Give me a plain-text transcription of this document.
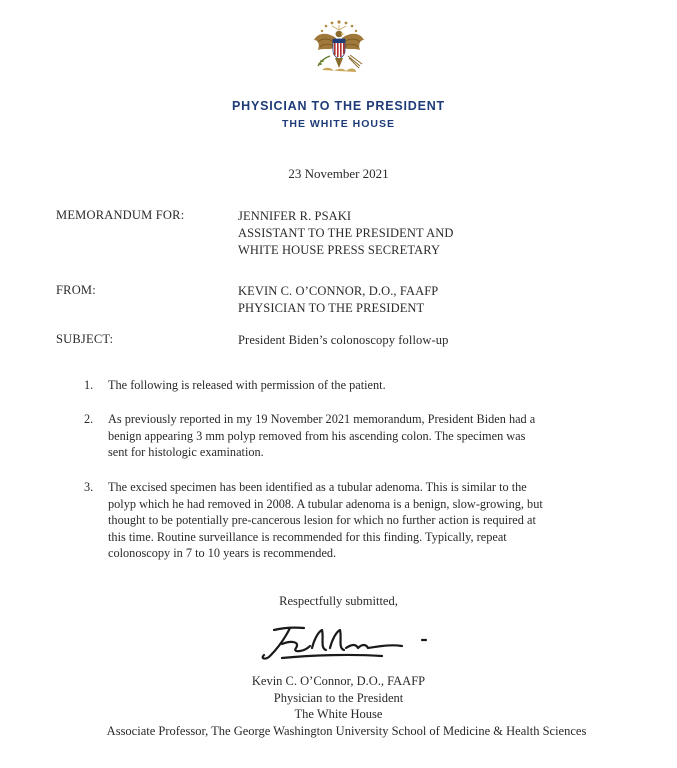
PHYSICIAN TO THE PRESIDENT
THE WHITE HOUSE
23 November 2021
MEMORANDUM FOR:	JENNIFER R. PSAKI
ASSISTANT TO THE PRESIDENT AND
WHITE HOUSE PRESS SECRETARY
FROM:	KEVIN C. O’CONNOR, D.O., FAAFP
PHYSICIAN TO THE PRESIDENT
SUBJECT:	President Biden’s colonoscopy follow-up
1.	The following is released with permission of the patient.
2.	As previously reported in my 19 November 2021 memorandum, President Biden had a
benign appearing 3 mm polyp removed from his ascending colon. The specimen was
sent for histologic examination.
3.	The excised specimen has been identified as a tubular adenoma. This is similar to the
polyp which he had removed in 2008. A tubular adenoma is a benign, slow-growing, but
thought to be potentially pre-cancerous lesion for which no further action is required at
this time. Routine surveillance is recommended for this finding. Typically, repeat
colonoscopy in 7 to 10 years is recommended.
Respectfully submitted,
Kevin C. O’Connor, D.O., FAAFP
Physician to the President
The White House
Associate Professor, The George Washington University School of Medicine & Health Sciences
